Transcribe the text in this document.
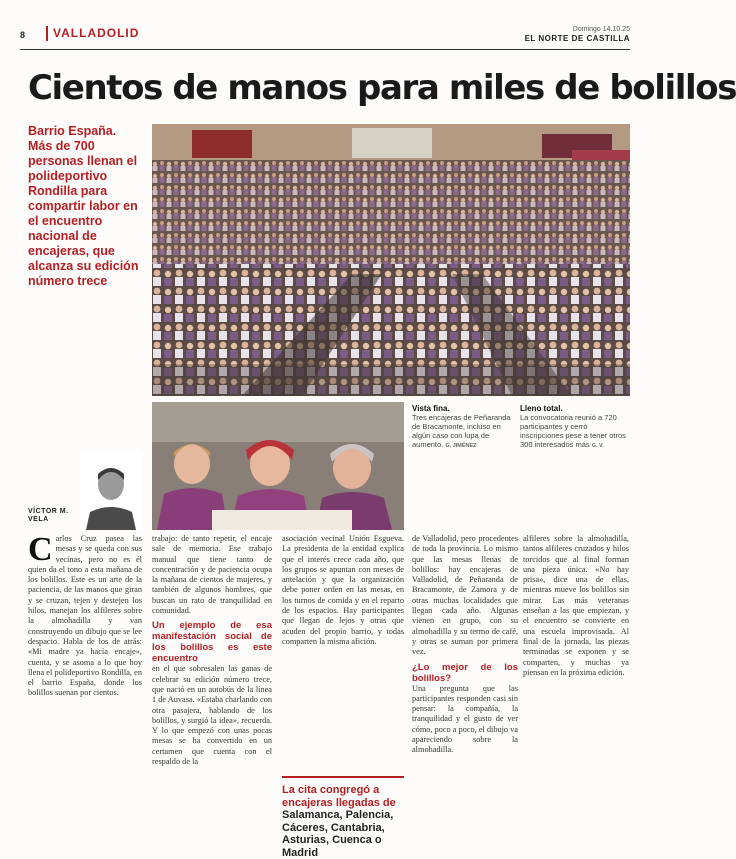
8	VALLADOLID	Domingo 14.10.25
EL NORTE DE CASTILLA
Cientos de manos para miles de bolillos
Barrio España.
Más de 700 personas llenan el polideportivo Rondilla para compartir labor en el encuentro nacional de encajeras, que alcanza su edición número trece
Vista fina.
Tres encajeras de Peñaranda de Bracamonte, incluso en algún caso con lupa de aumento. G. JIMÉNEZ
Lleno total.
La convocatoria reunió a 720 participantes y cerró inscripciones pese a tener otros 300 interesados más G. V.
VÍCTOR M.
VELA
Carlos Cruz pasea las mesas y se queda con sus vecinas, pero no es él quien da el tono a esta mañana de los bolillos. Este es un arte de la paciencia, de las manos que giran y se cruzan, tejen y destejen los hilos, manejan los alfileres sobre la almohadilla y van construyendo un dibujo que se lee despacio. Habla de los de atrás: «Mi madre ya hacía encaje», cuenta, y se asoma a lo que hoy llena el polideportivo Rondilla, en el barrio España, donde los bolillos suenan por cientos.
trabajo: de tanto repetir, el encaje sale de memoria. Ese trabajo manual que tiene tanto de concentración y de paciencia ocupa la mañana de cientos de mujeres, y también de algunos hombres, que buscan un rato de tranquilidad en comunidad.
Un ejemplo de esa manifestación social de los bolillos es este encuentro
en el que sobresalen las ganas de celebrar su edición número trece, que nació en un autobús de la línea 1 de Auvasa. «Estaba charlando con otra pasajera, hablando de los bolillos, y surgió la idea», recuerda. Y lo que empezó con unas pocas mesas se ha convertido en un certamen que cuenta con el respaldo de la
asociación vecinal Unión Esgueva. La presidenta de la entidad explica que el interés crece cada año, que los grupos se apuntan con meses de antelación y que la organización debe poner orden en las mesas, en los turnos de comida y en el reparto de los espacios. Hay participantes que llegan de lejos y otras que acuden del propio barrio, y todas comparten la misma afición.
La cita congregó a encajeras llegadas de Salamanca, Palencia, Cáceres, Cantabria, Asturias, Cuenca o Madrid
de Valladolid, pero procedentes de toda la provincia. Lo mismo que las mesas llenas de bolillos: hay encajeras de Valladolid, de Peñaranda de Bracamonte, de Zamora y de otras muchas localidades que llegan cada año. Algunas vienen en grupo, con su almohadilla y su termo de café, y otras se suman por primera vez.
¿Lo mejor de los bolillos?
Una pregunta que las participantes responden casi sin pensar: la compañía, la tranquilidad y el gusto de ver cómo, poco a poco, el dibujo va apareciendo sobre la almohadilla.
alfileres sobre la almohadilla, tantos alfileres cruzados y hilos torcidos que al final forman una pieza única. «No hay prisa», dice una de ellas, mientras mueve los bolillos sin mirar. Las más veteranas enseñan a las que empiezan, y el encuentro se convierte en una escuela improvisada. Al final de la jornada, las piezas terminadas se exponen y se comparten, y muchas ya piensan en la próxima edición.
